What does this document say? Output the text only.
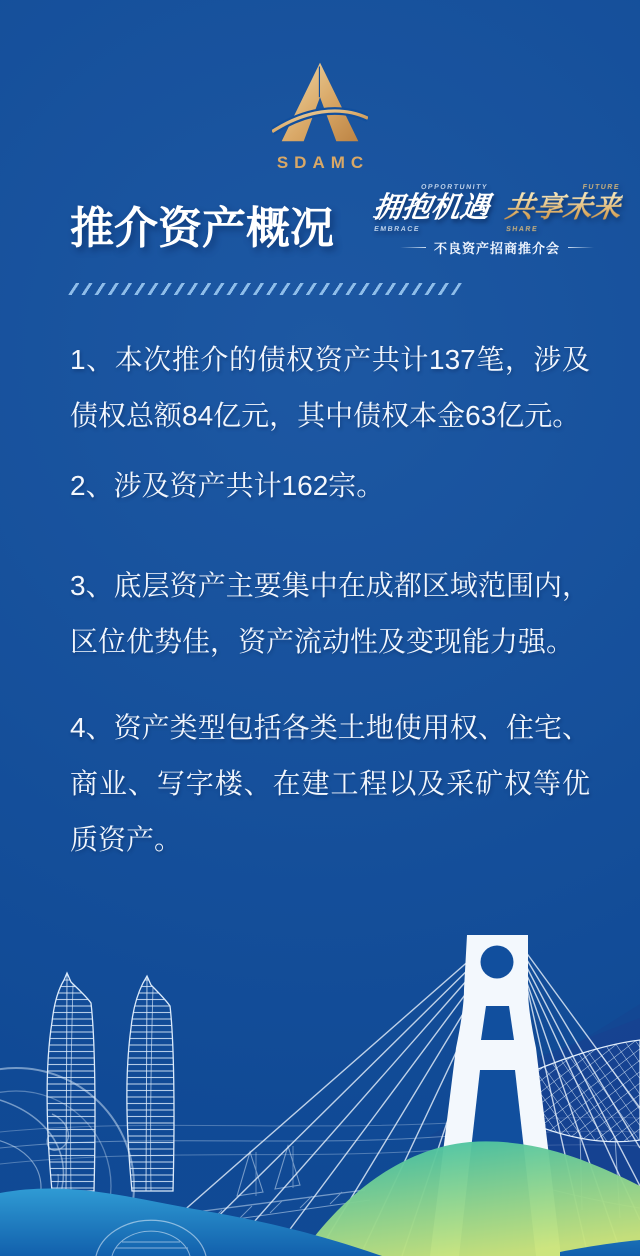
SDAMC
推介资产概况
OPPORTUNITY
拥抱机遇
EMBRACE
FUTURE
共享未来
SHARE
不良资产招商推介会

1、本次推介的债权资产共计137笔，涉及债权总额84亿元，其中债权本金63亿元。

2、涉及资产共计162宗。

3、底层资产主要集中在成都区域范围内，区位优势佳，资产流动性及变现能力强。

4、资产类型包括各类土地使用权、住宅、商业、写字楼、在建工程以及采矿权等优质资产。
